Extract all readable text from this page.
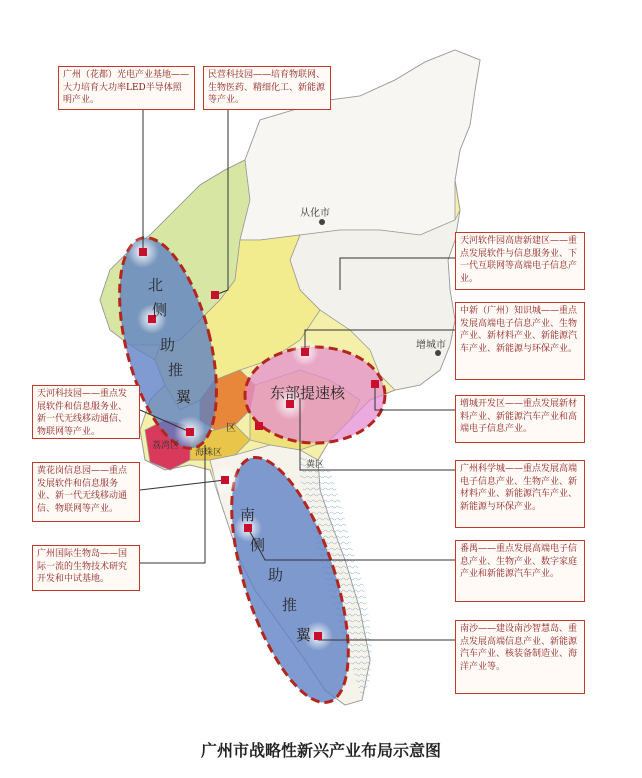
从化市
增城市
区
荔湾区
海珠区
黄区
北
侧
助
推
翼
南
侧
助
推
翼
东部提速核
广州（花都）光电产业基地——大力培育大功率LED半导体照明产业。
民营科技园——培育物联网、生物医药、精细化工、新能源等产业。
天河软件园高唐新建区——重点发展软件与信息服务业、下一代互联网等高端电子信息产业。
中新（广州）知识城——重点发展高端电子信息产业、生物产业、新材料产业、新能源汽车产业、新能源与环保产业。
天河科技园——重点发展软件和信息服务业、新一代无线移动通信、物联网等产业。
增城开发区——重点发展新材料产业、新能源汽车产业和高端电子信息产业。
黄花岗信息园——重点发展软件和信息服务业、新一代无线移动通信、物联网等产业。
广州科学城——重点发展高端电子信息产业、生物产业、新材料产业、新能源汽车产业、新能源与环保产业。
广州国际生物岛——国际一流的生物技术研究开发和中试基地。
番禺——重点发展高端电子信息产业、生物产业、数字家庭产业和新能源汽车产业。
南沙——建设南沙智慧岛、重点发展高端信息产业、新能源汽车产业、核装备制造业、海洋产业等。
广州市战略性新兴产业布局示意图
